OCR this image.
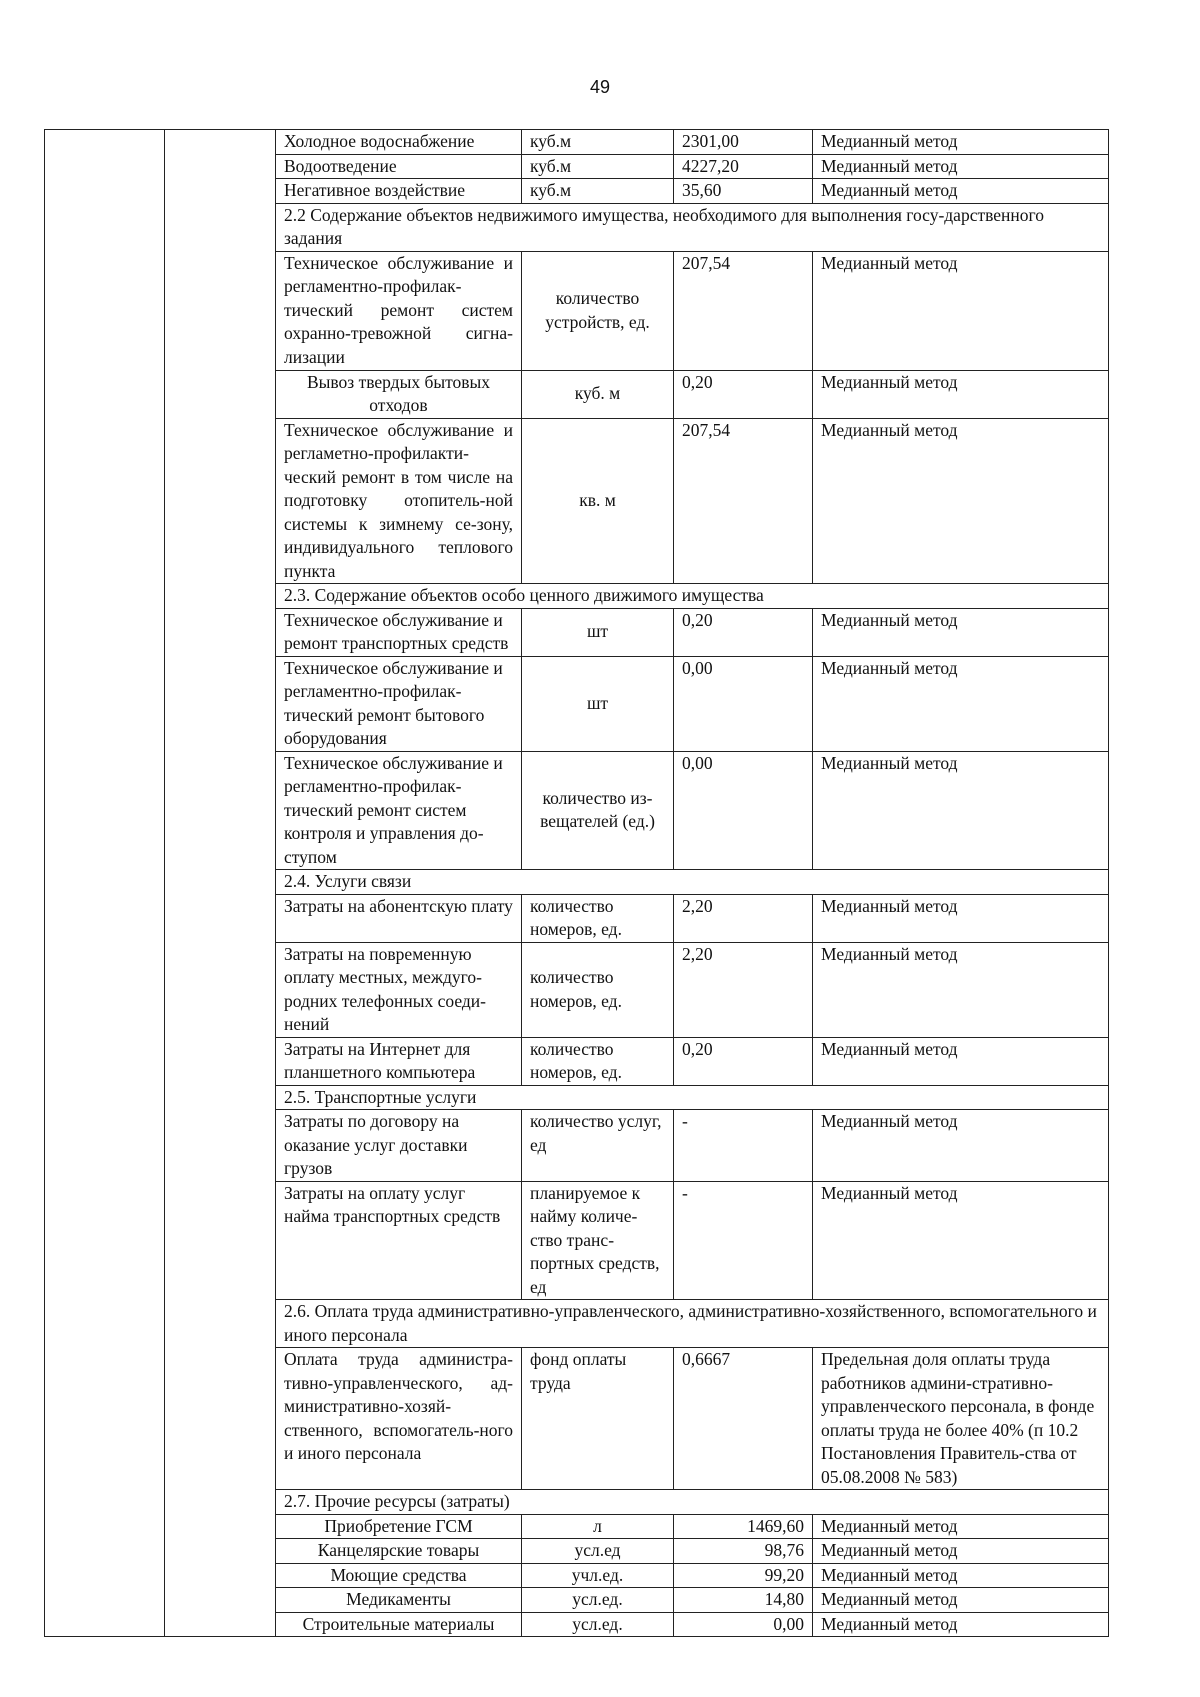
49
		Холодное водоснабжение	куб.м	2301,00	Медианный метод
		Водоотведение	куб.м	4227,20	Медианный метод
		Негативное воздействие	куб.м	35,60	Медианный метод
		2.2 Содержание объектов недвижимого имущества, необходимого для выполнения госу-дарственного задания			
		Техническое обслуживание и регламентно-профилак-тический ремонт систем охранно-тревожной сигна-лизации	количество устройств, ед.	207,54	Медианный метод
		Вывоз твердых бытовых отходов	куб. м	0,20	Медианный метод
		Техническое обслуживание и регламетно-профилакти-ческий ремонт в том числе на подготовку отопитель-ной системы к зимнему се-зону, индивидуального теплового пункта	кв. м	207,54	Медианный метод
		2.3. Содержание объектов особо ценного движимого имущества			
		Техническое обслуживание и ремонт транспортных средств	шт	0,20	Медианный метод
		Техническое обслуживание и регламентно-профилак-тический ремонт бытового оборудования	шт	0,00	Медианный метод
		Техническое обслуживание и регламентно-профилак-тический ремонт систем контроля и управления до-ступом	количество из-вещателей (ед.)	0,00	Медианный метод
		2.4. Услуги связи			
		Затраты на абонентскую плату	количество номеров, ед.	2,20	Медианный метод
		Затраты на повременную оплату местных, междуго-родних телефонных соеди-нений	количество номеров, ед.	2,20	Медианный метод
		Затраты на Интернет для планшетного компьютера	количество номеров, ед.	0,20	Медианный метод
		2.5. Транспортные услуги			
		Затраты по договору на оказание услуг доставки грузов	количество услуг, ед	-	Медианный метод
		Затраты на оплату услуг найма транспортных средств	планируемое к найму количе-ство транс-портных средств, ед	-	Медианный метод
		2.6. Оплата труда административно-управленческого, административно-хозяйственного, вспомогательного и иного персонала			
		Оплата труда администра-тивно-управленческого, ад-министративно-хозяй-ственного, вспомогатель-ного и иного персонала	фонд оплаты труда	0,6667	Предельная доля оплаты труда работников админи-стративно-управленческого персонала, в фонде оплаты труда не более 40% (п 10.2 Постановления Правитель-ства от 05.08.2008 № 583)
		2.7. Прочие ресурсы (затраты)			
		Приобретение ГСМ	л	1469,60	Медианный метод
		Канцелярские товары	усл.ед	98,76	Медианный метод
		Моющие средства	учл.ед.	99,20	Медианный метод
		Медикаменты	усл.ед.	14,80	Медианный метод
		Строительные материалы	усл.ед.	0,00	Медианный метод
